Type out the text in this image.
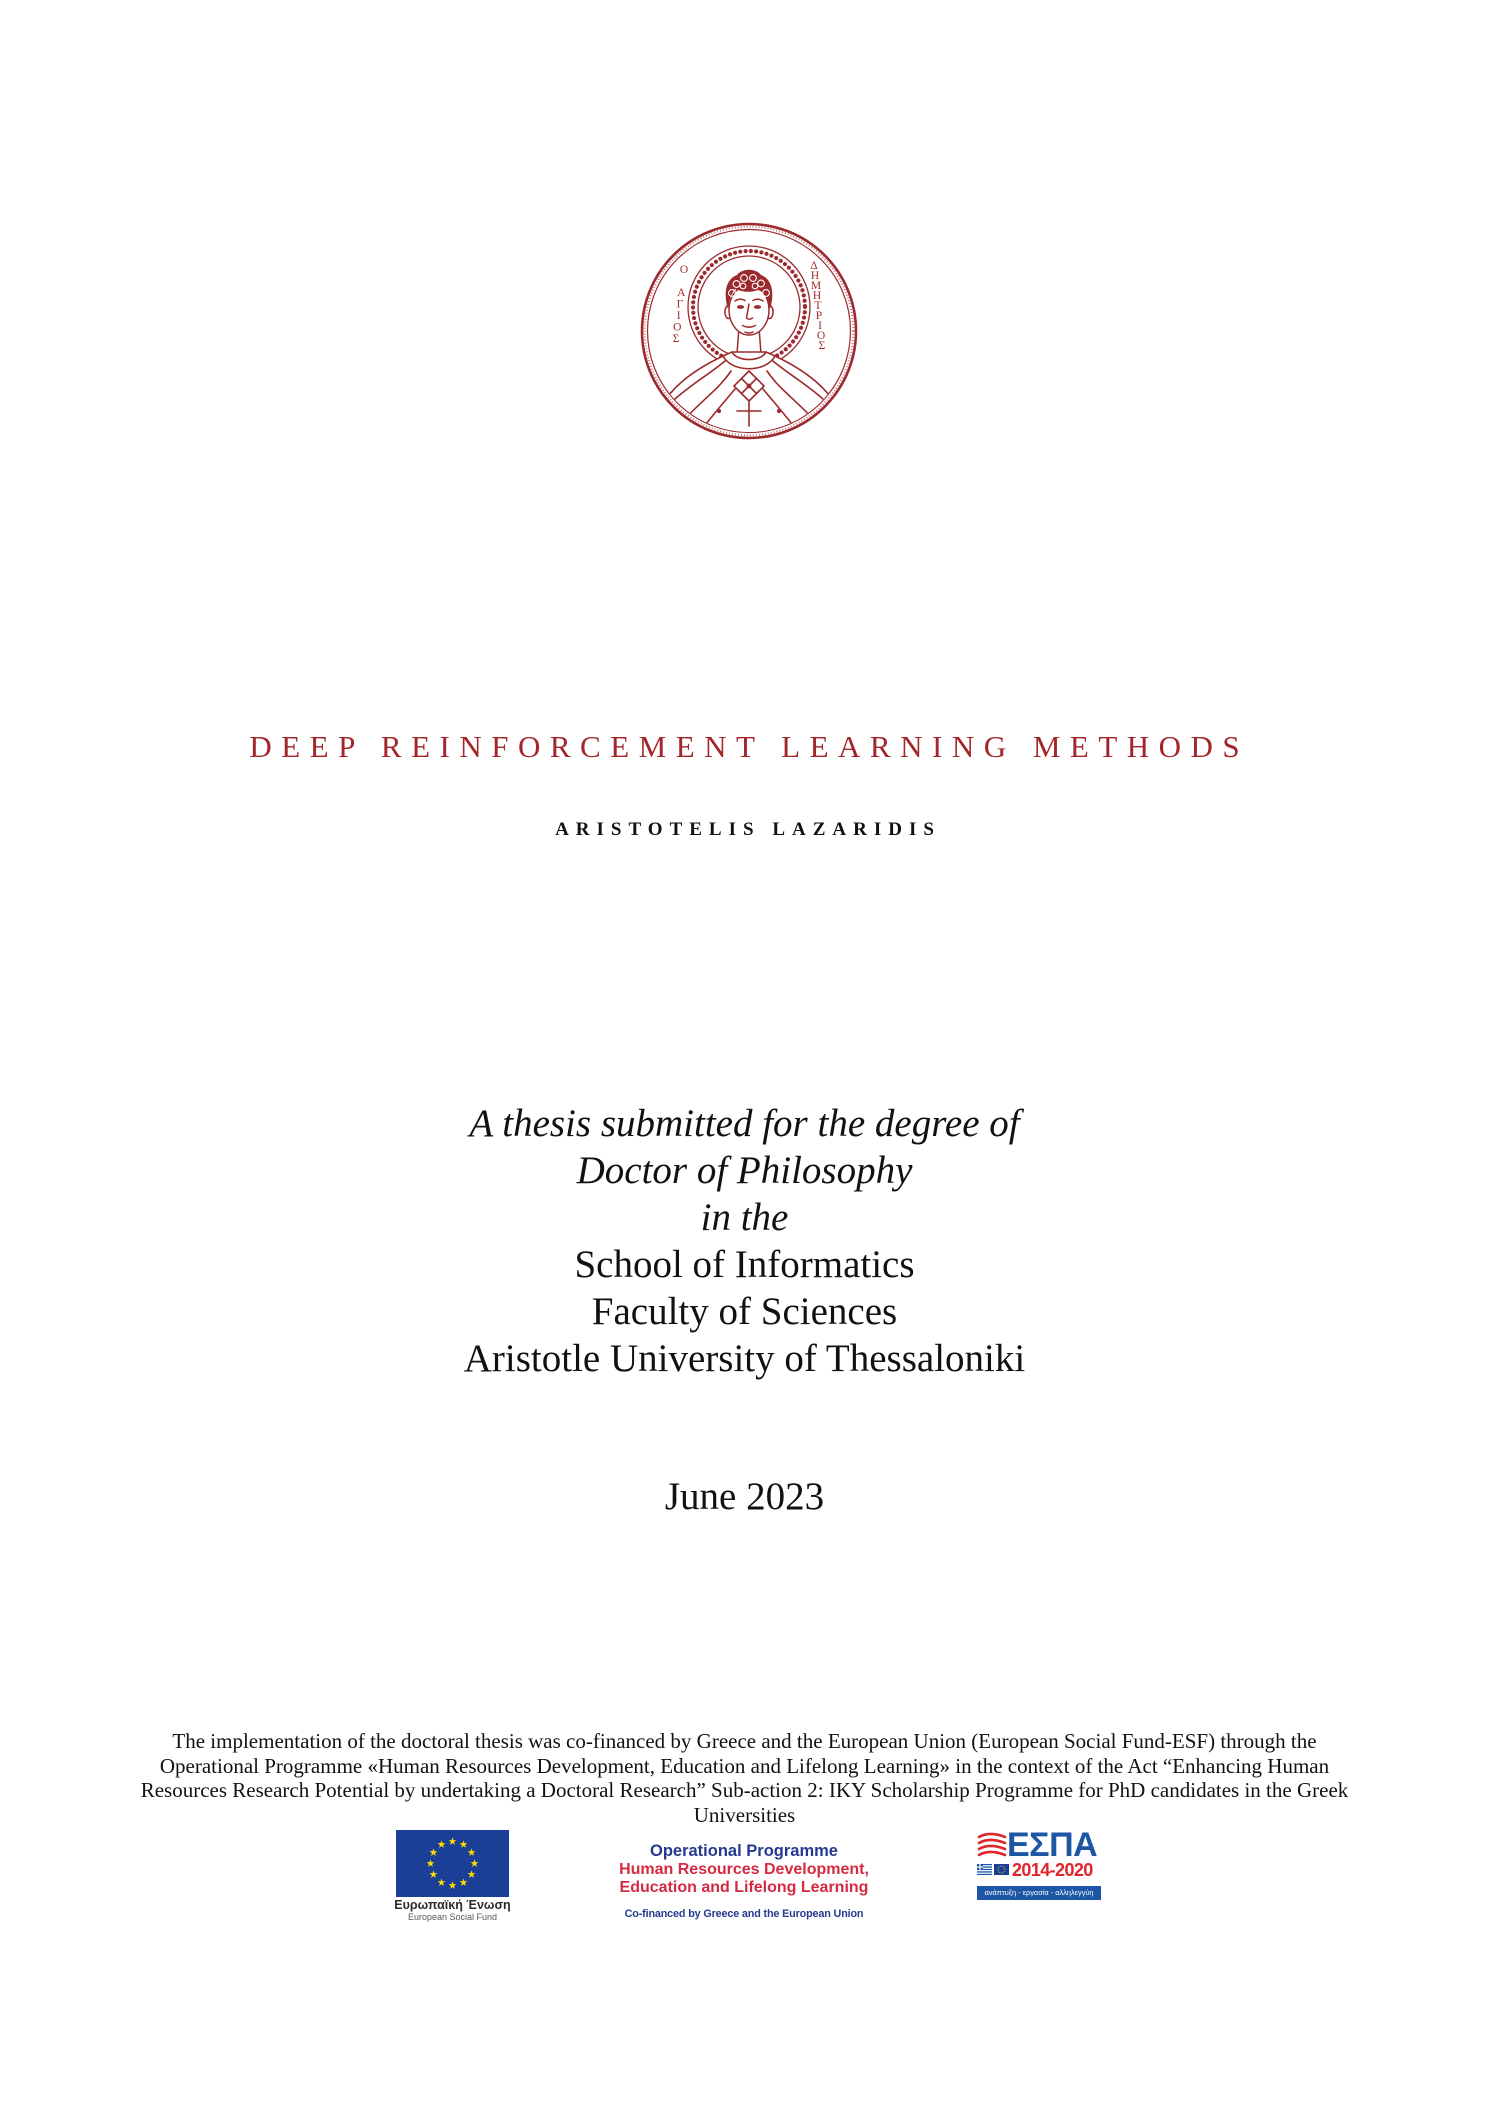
Ο Α Γ Ι Ο Σ
Δ Η Μ Η Τ Ρ Ι Ο Σ
DEEP REINFORCEMENT LEARNING METHODS
ARISTOTELIS LAZARIDIS
A thesis submitted for the degree of
Doctor of Philosophy
in the
School of Informatics
Faculty of Sciences
Aristotle University of Thessaloniki
June 2023
The implementation of the doctoral thesis was co-financed by Greece and the European Union (European Social Fund-ESF) through the
Operational Programme «Human Resources Development, Education and Lifelong Learning» in the context of the Act “Enhancing Human
Resources Research Potential by undertaking a Doctoral Research” Sub-action 2: IKY Scholarship Programme for PhD candidates in the Greek
Universities
Ευρωπαϊκή Ένωση
European Social Fund
Operational Programme
Human Resources Development,
Education and Lifelong Learning
Co-financed by Greece and the European Union
ΕΣΠΑ
2014-2020
ανάπτυξη - εργασία - αλληλεγγύη
